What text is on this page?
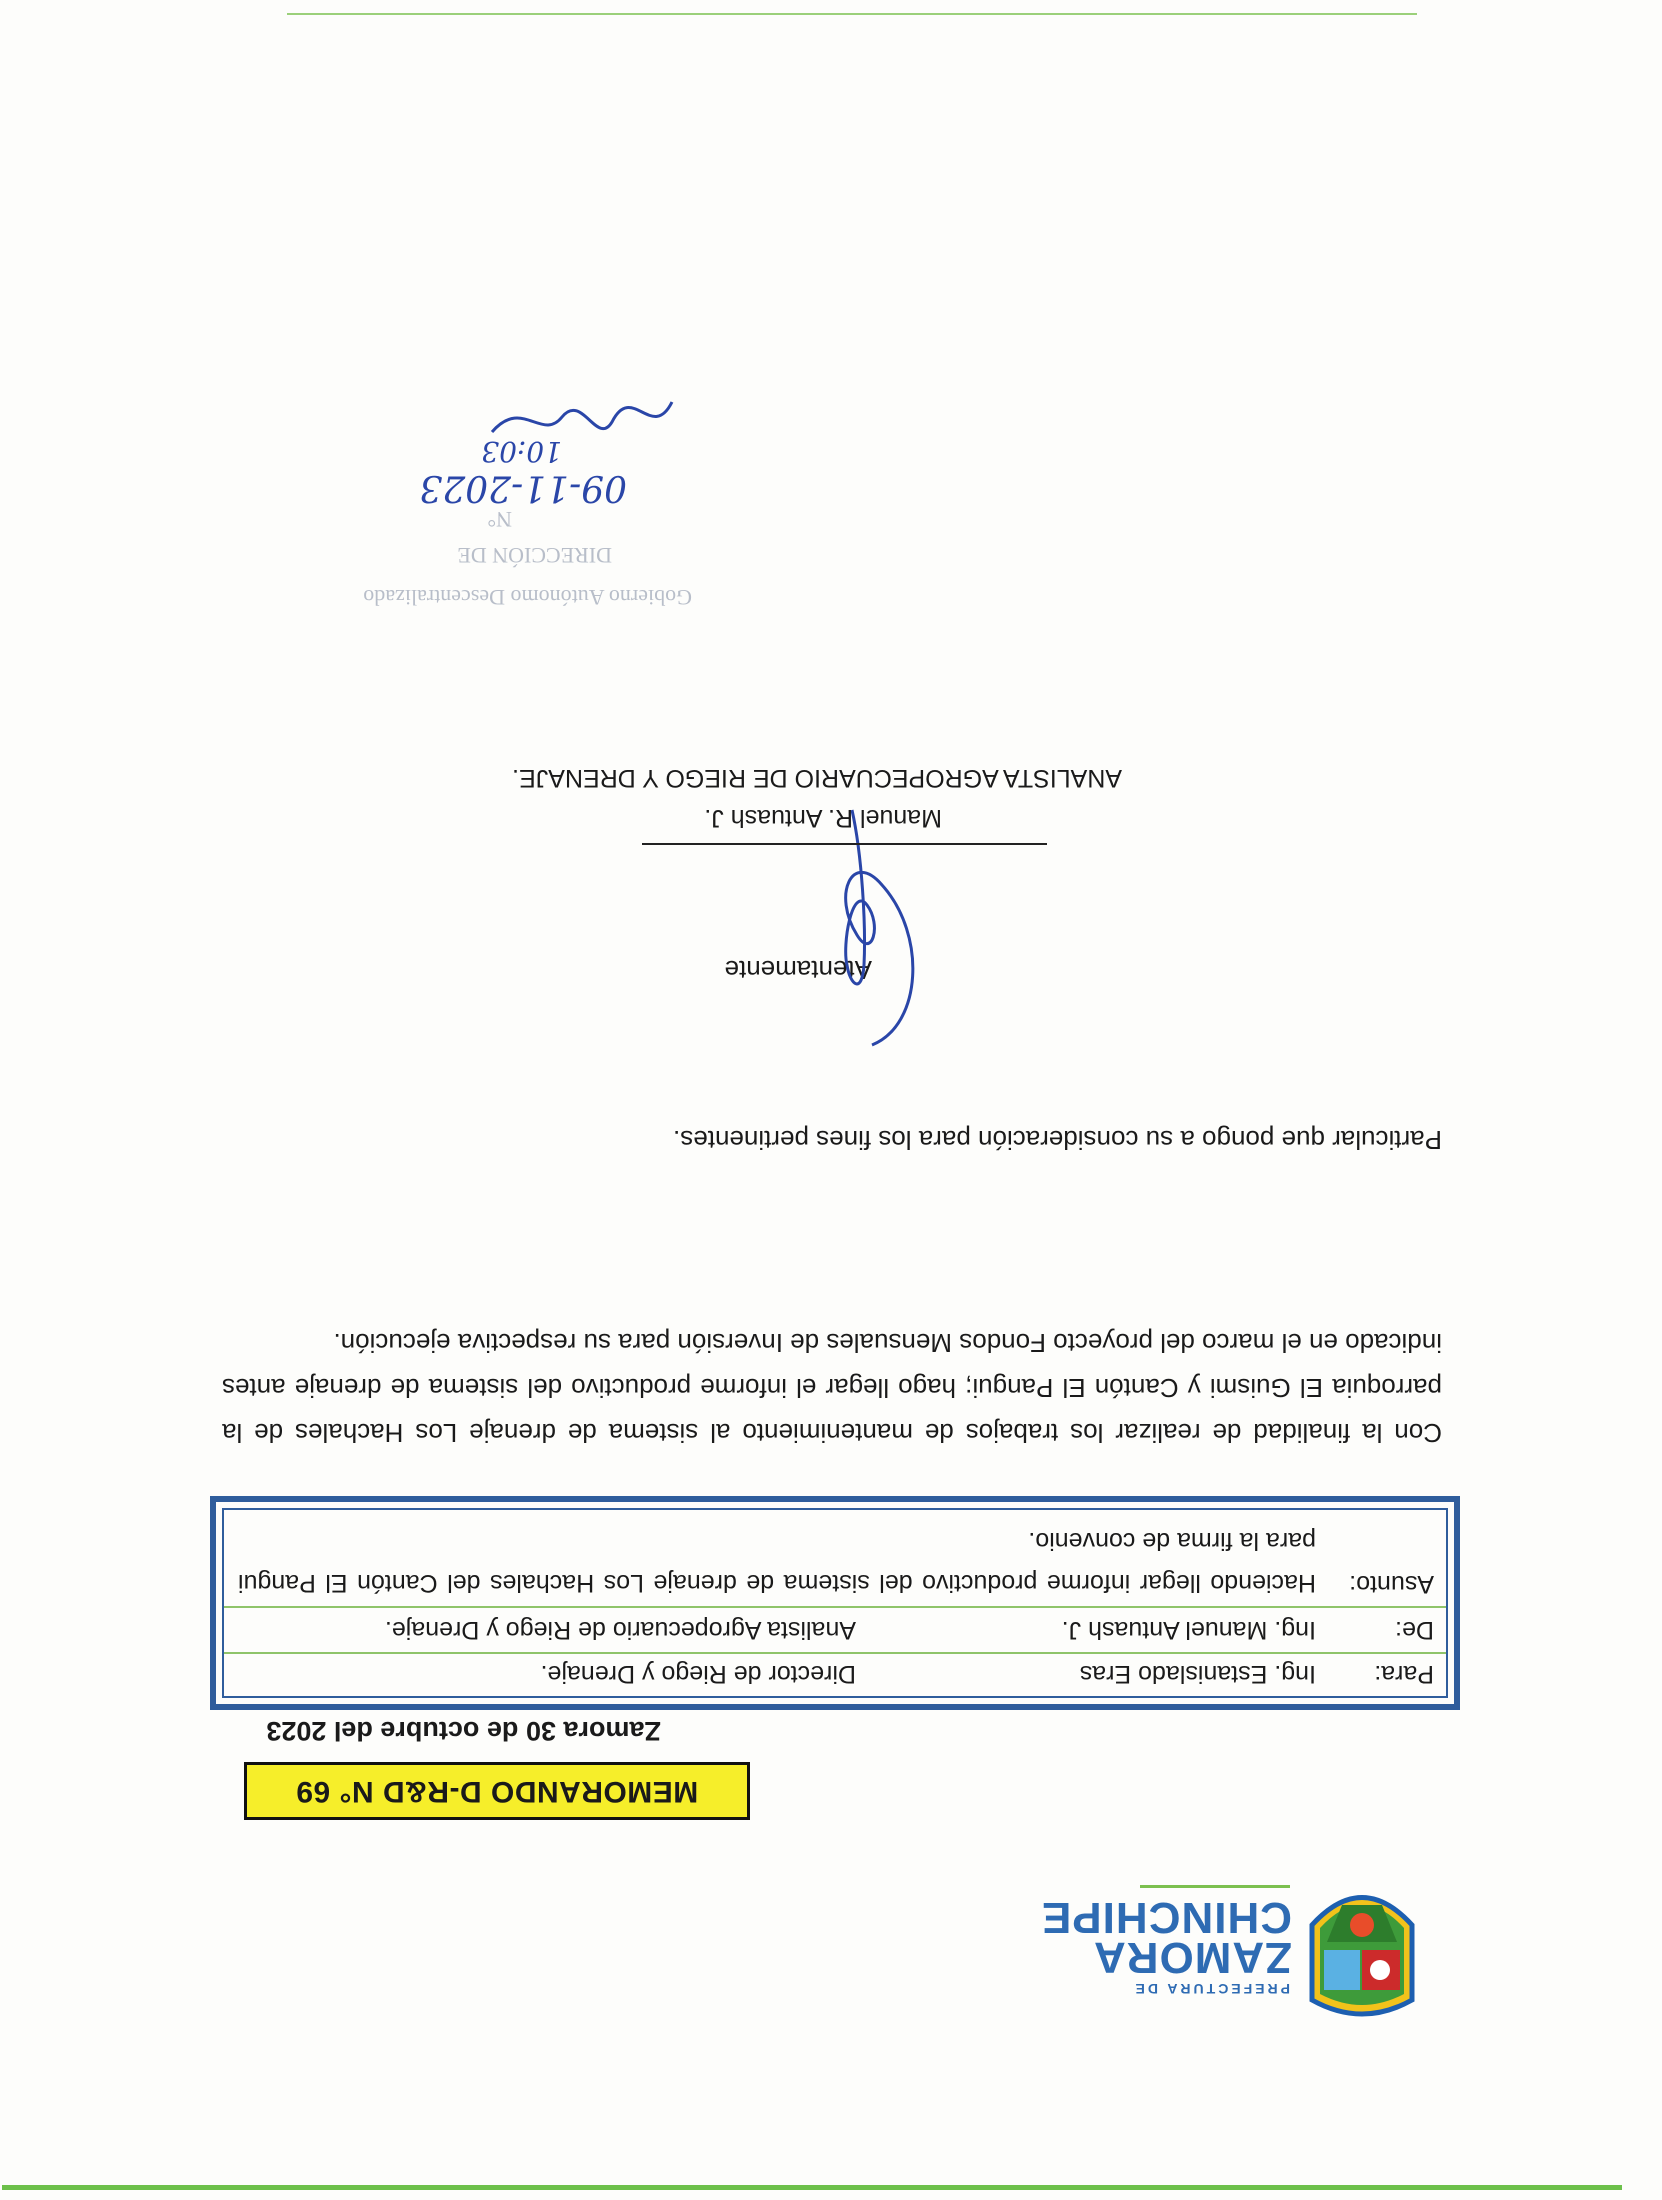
PREFECTURA DE
ZAMORA
CHINCHIPE
MEMORANDO D-R&D N° 69
Zamora 30 de octubre del 2023
Para:
Ing. Estanislado Eras
Director de Riego y Drenaje.
De:
Ing. Manuel Antuash J.
Analista Agropecuario de Riego y Drenaje.
Asunto:
Haciendo llegar informe productivo del sistema de drenaje Los Hachales del Cantón El Pangui para la firma de convenio.
Con la finalidad de realizar los trabajos de mantenimiento al sistema de drenaje Los Hachales de la parroquia El Guismi y Cantón El Pangui; hago llegar el informe productivo del sistema de drenaje antes indicado en el marco del proyecto Fondos Mensuales de Inversión para su respectiva ejecución.
Particular que pongo a su consideración para los fines pertinentes.
Atentamente
Manuel R. Antuash J.
ANALISTA AGROPECUARIO DE RIEGO Y DRENAJE.
Gobierno Autónomo Descentralizado
DIRECCIÓN DE
N°
09-11-2023
10:03
